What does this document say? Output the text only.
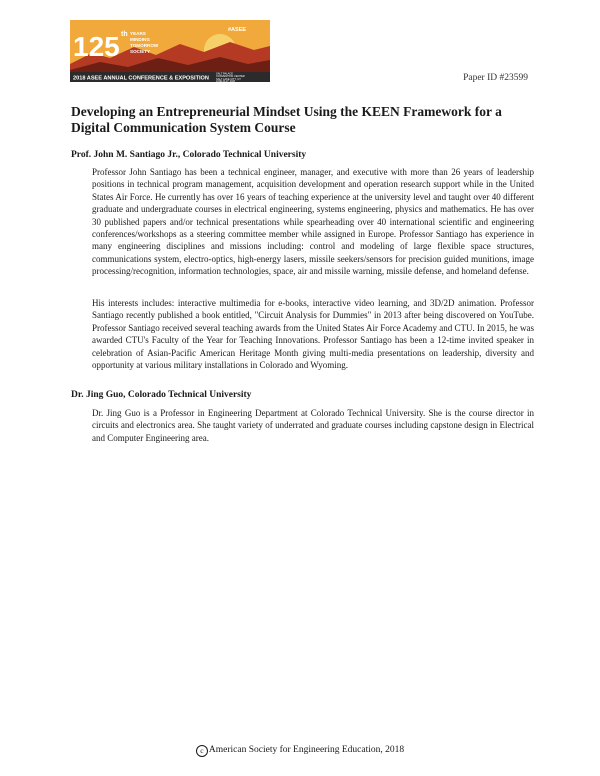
125 th YEARS
MINDING
TOMORROW
SOCIETY
#ASEE
2018 ASEE ANNUAL CONFERENCE & EXPOSITION
SALT PALACE
CONVENTION CENTER
SALT LAKE CITY, UT
JUNE 24-27, 2018	Paper ID #23599
Developing an Entrepreneurial Mindset Using the KEEN Framework for a Digital Communication System Course
Prof. John M. Santiago Jr., Colorado Technical University

Professor John Santiago has been a technical engineer, manager, and executive with more than 26 years of leadership positions in technical program management, acquisition development and operation research support while in the United States Air Force. He currently has over 16 years of teaching experience at the university level and taught over 40 different graduate and undergraduate courses in electrical engineering, systems engineering, physics and mathematics. He has over 30 published papers and/or technical presentations while spearheading over 40 international scientific and engineering conferences/workshops as a steering committee member while assigned in Europe. Professor Santiago has experience in many engineering disciplines and missions including: control and modeling of large flexible space structures, communications system, electro-optics, high-energy lasers, missile seekers/sensors for precision guided munitions, image processing/recognition, information technologies, space, air and missile warning, missile defense, and homeland defense.

His interests includes: interactive multimedia for e-books, interactive video learning, and 3D/2D animation. Professor Santiago recently published a book entitled, "Circuit Analysis for Dummies" in 2013 after being discovered on YouTube. Professor Santiago received several teaching awards from the United States Air Force Academy and CTU. In 2015, he was awarded CTU's Faculty of the Year for Teaching Innovations. Professor Santiago has been a 12-time invited speaker in celebration of Asian-Pacific American Heritage Month giving multi-media presentations on leadership, diversity and opportunity at various military installations in Colorado and Wyoming.

Dr. Jing Guo, Colorado Technical University

Dr. Jing Guo is a Professor in Engineering Department at Colorado Technical University. She is the course director in circuits and electronics area. She taught variety of underrated and graduate courses including capstone design in Electrical and Computer Engineering area.

c American Society for Engineering Education, 2018
